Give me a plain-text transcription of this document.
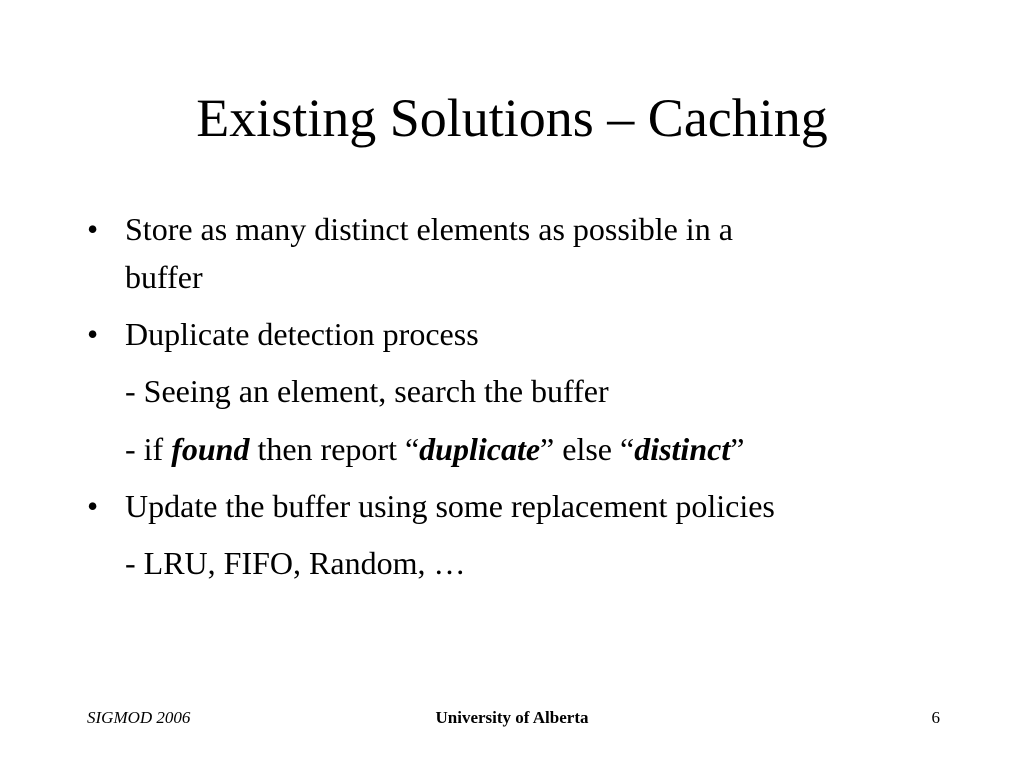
Existing Solutions – Caching
• Store as many distinct elements as possible in a
buffer
• Duplicate detection process
- Seeing an element, search the buffer
- if found then report “duplicate” else “distinct”
• Update the buffer using some replacement policies
- LRU, FIFO, Random, …
SIGMOD 2006	University of Alberta	6
